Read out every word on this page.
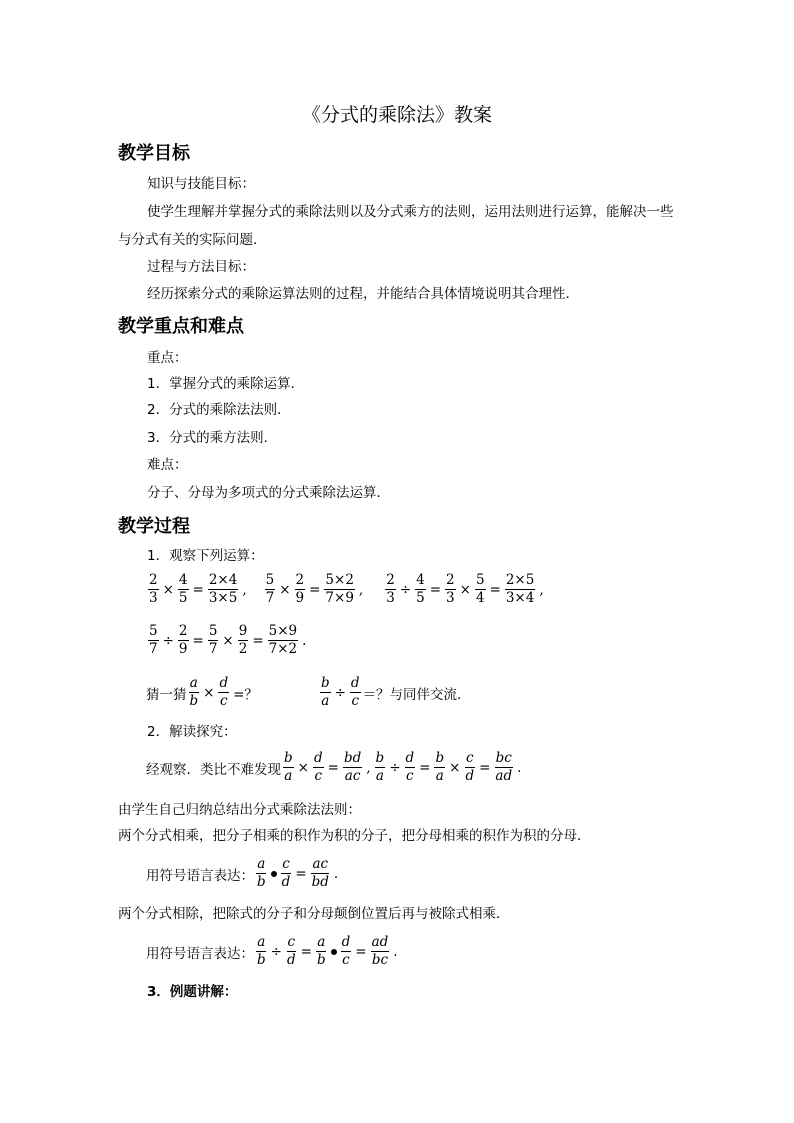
《分式的乘除法》教案
教学目标
知识与技能目标：
使学生理解并掌握分式的乘除法则以及分式乘方的法则，运用法则进行运算，能解决一些与分式有关的实际问题．
过程与方法目标：
经历探索分式的乘除运算法则的过程，并能结合具体情境说明其合理性.
教学重点和难点
重点：
1．掌握分式的乘除运算．
2．分式的乘除法法则．
3．分式的乘方法则.
难点：
分子、分母为多项式的分式乘除法运算．
教学过程
1．观察下列运算：
$\frac{2}{3} \times \frac{4}{5} = \frac{2\times 4}{3\times 5}$ , $\frac{5}{7} \times \frac{2}{9} = \frac{5\times 2}{7\times 9}$ , $\frac{2}{3} \div \frac{4}{5} = \frac{2}{3} \times \frac{5}{4} = \frac{2\times 5}{3\times 4}$ ,
$\frac{5}{7} \div \frac{2}{9} = \frac{5}{7} \times \frac{9}{2} = \frac{5\times 9}{7\times 2}$ .
猜一猜 $\frac{a}{b} \times \frac{d}{c}$ =？	$\frac{b}{a} \div \frac{d}{c}$ ＝？与同伴交流．
2．解读探究：
经观察．类比不难发现 $\frac{b}{a} \times \frac{d}{c} = \frac{bd}{ac}$ , $\frac{b}{a} \div \frac{d}{c} = \frac{b}{a} \times \frac{c}{d} = \frac{bc}{ad}$ .
由学生自己归纳总结出分式乘除法法则：
两个分式相乘，把分子相乘的积作为积的分子，把分母相乘的积作为积的分母．
用符号语言表达： $\frac{a}{b} \frac{c}{d} = \frac{ac}{bd}$ .
两个分式相除，把除式的分子和分母颠倒位置后再与被除式相乘．
用符号语言表达： $\frac{a}{b} \div \frac{c}{d} = \frac{a}{b} \frac{d}{c} = \frac{ad}{bc}$ .
3．例题讲解：
